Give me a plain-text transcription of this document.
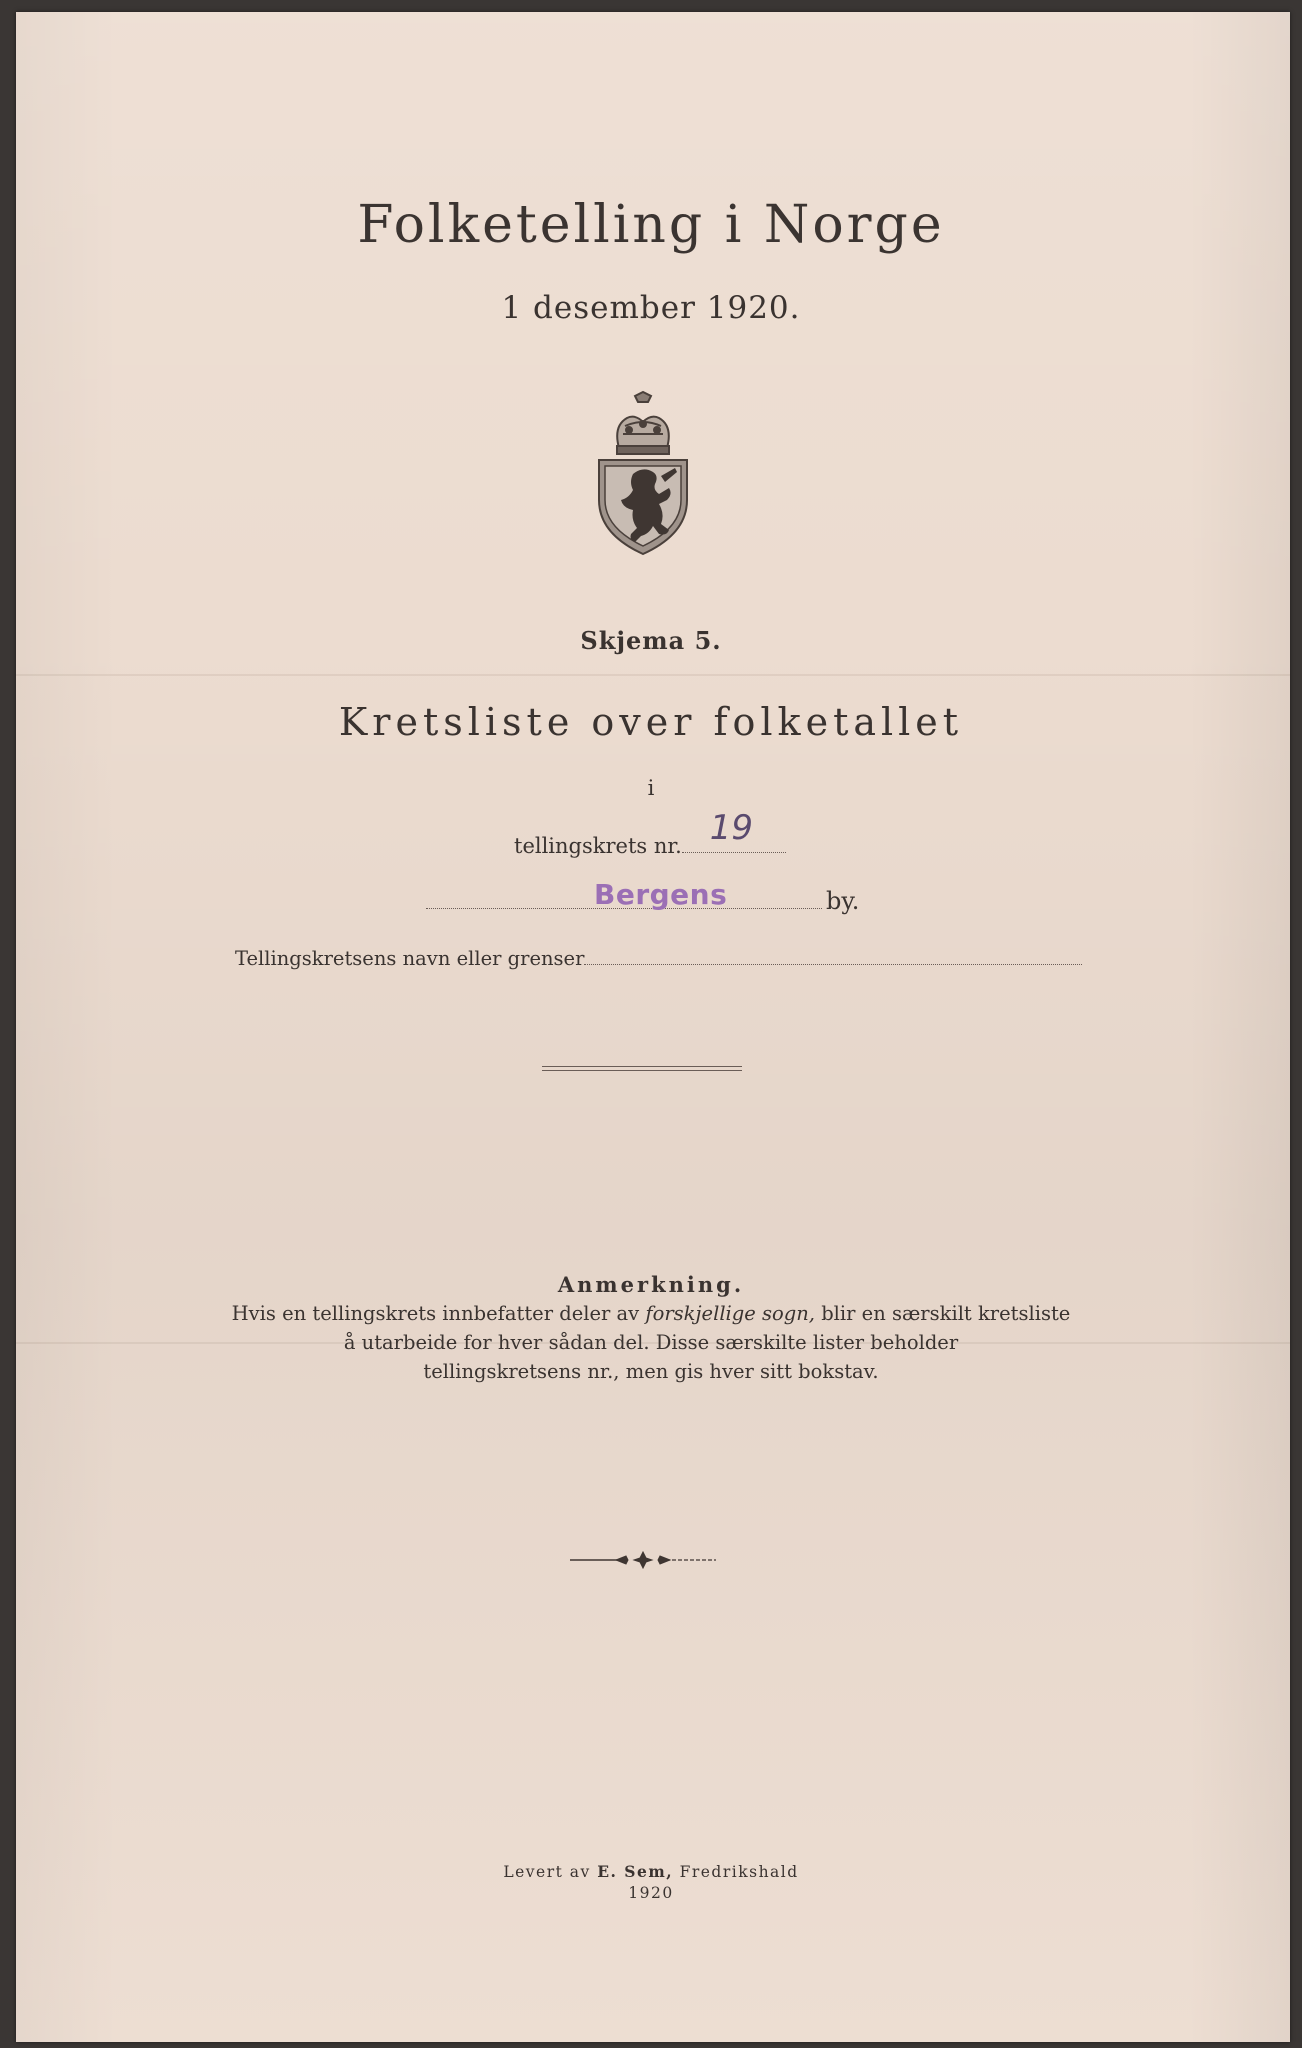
Folketelling i Norge
1 desember 1920.
Skjema 5.
Kretsliste over folketallet
i
tellingskrets nr. 19
Bergens	by.
Tellingskretsens navn eller grenser
Anmerkning.
Hvis en tellingskrets innbefatter deler av forskjellige sogn, blir en særskilt kretsliste
å utarbeide for hver sådan del. Disse særskilte lister beholder
tellingskretsens nr., men gis hver sitt bokstav.
Levert av E. Sem, Fredrikshald
1920
